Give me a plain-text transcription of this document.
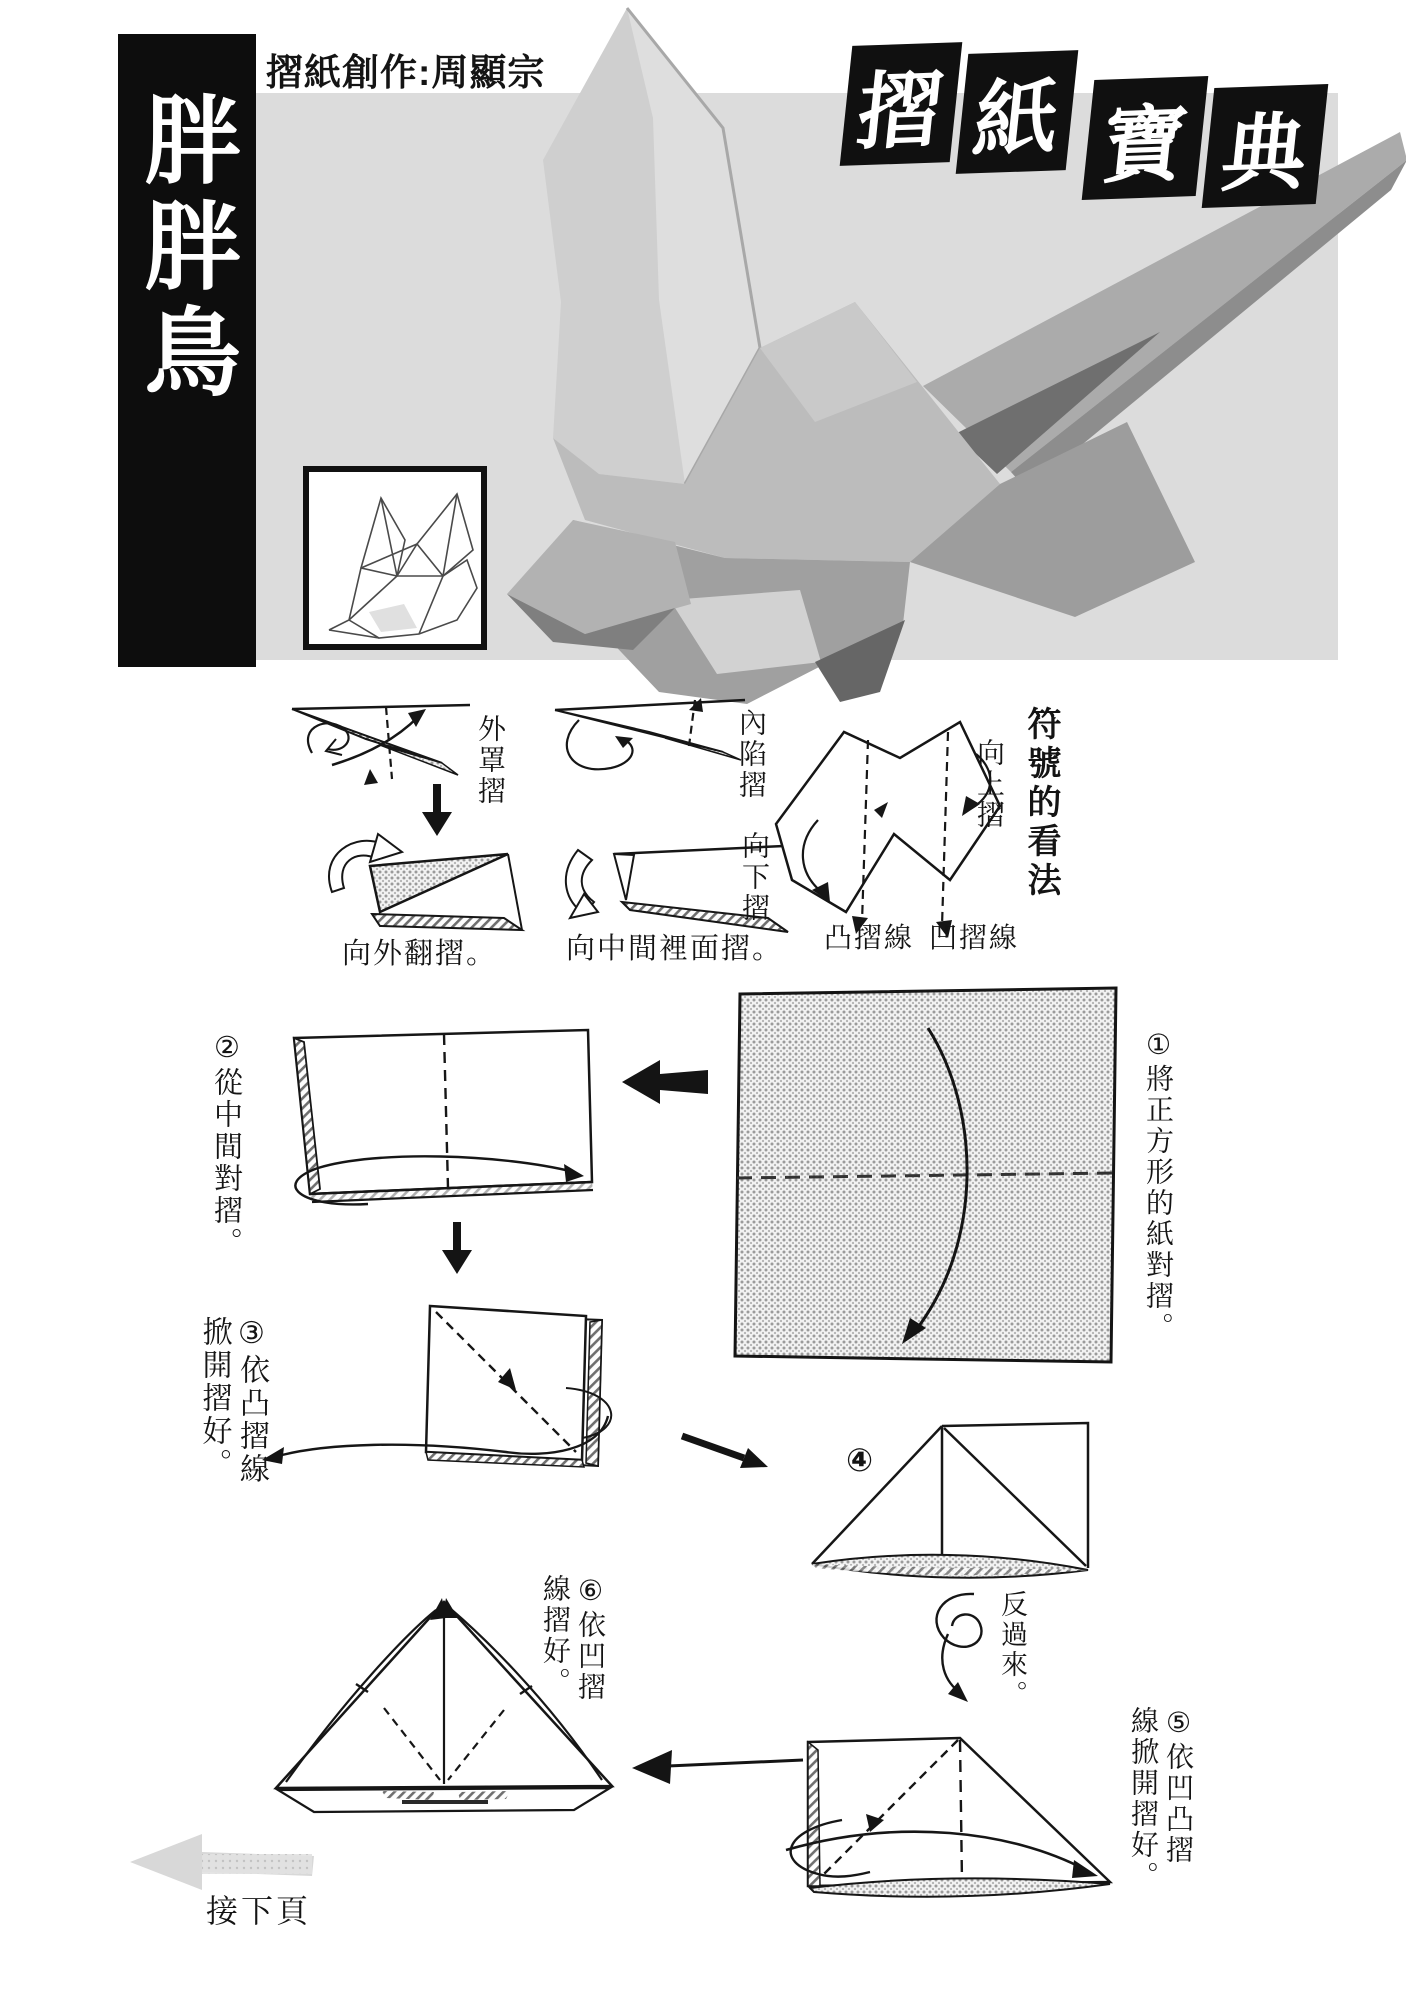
胖胖鳥
摺紙創作:周顯宗	摺 紙 寶 典
外罩摺
向外翻摺。
內陷摺
向中間裡面摺。
向上摺
向下摺
凸摺線 凹摺線
符號的看法
①將正方形的紙對摺。
②從中間對摺。
③依凸摺線掀開摺好。	④
反過來。
⑤依凹凸摺線掀開摺好。
⑥依凹摺線摺好。
接下頁
